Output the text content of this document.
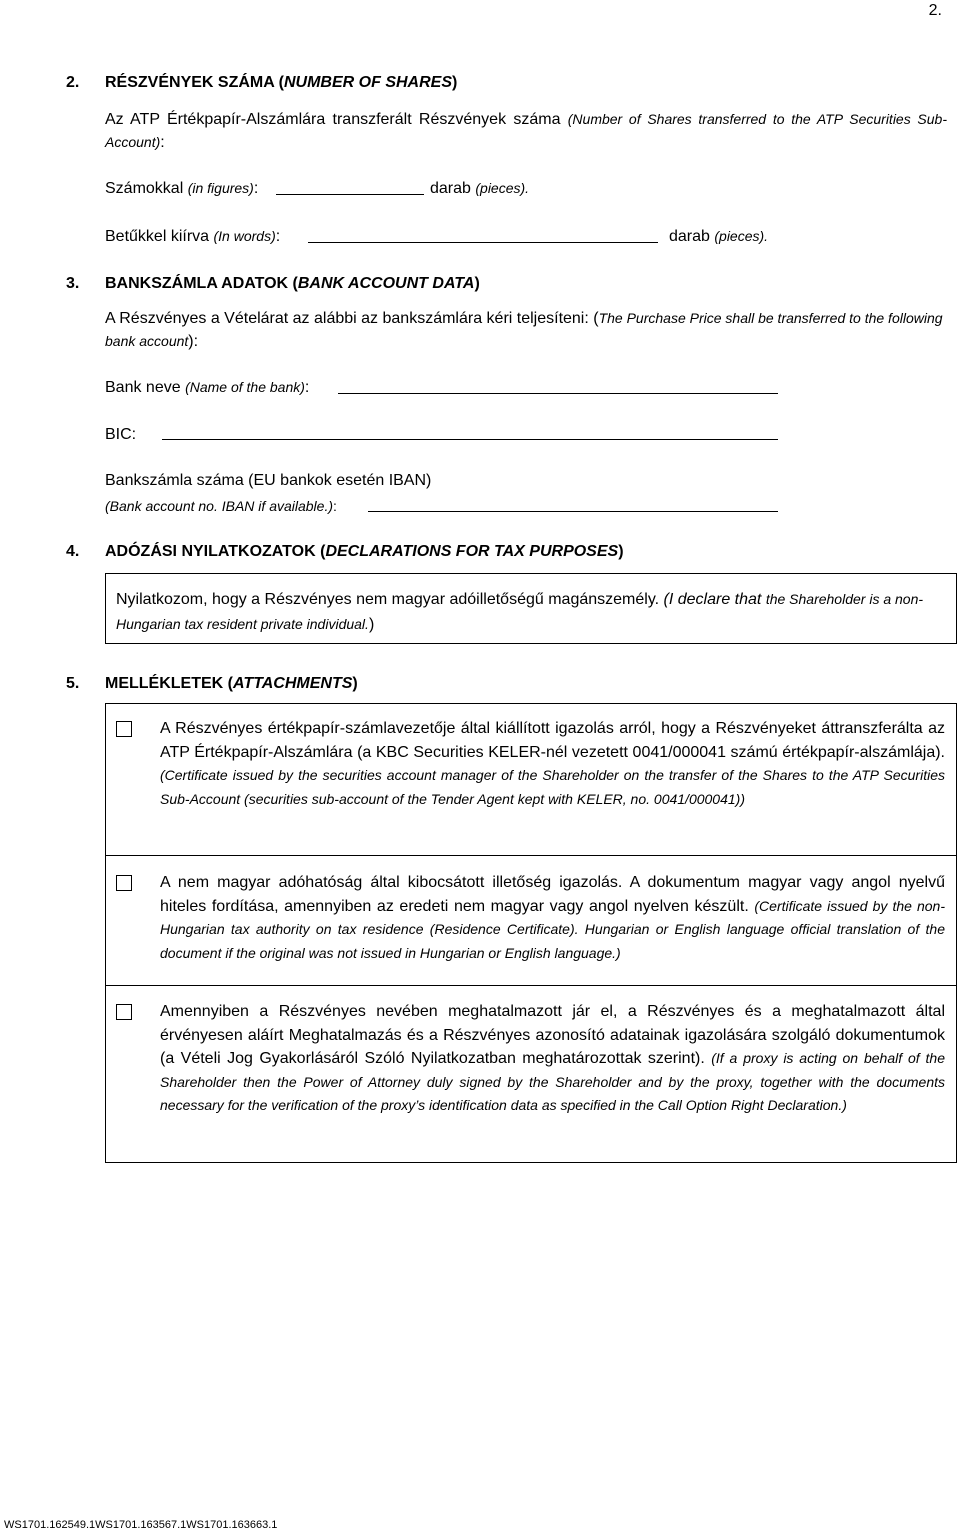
2.
2. RÉSZVÉNYEK SZÁMA (NUMBER OF SHARES)
Az ATP Értékpapír-Alszámlára transzferált Részvények száma (Number of Shares transferred to the ATP Securities Sub-Account):
Számokkal (in figures):	darab (pieces).
Betűkkel kiírva (In words):	darab (pieces).
3. BANKSZÁMLA ADATOK (BANK ACCOUNT DATA)
A Részvényes a Vételárat az alábbi az bankszámlára kéri teljesíteni: (The Purchase Price shall be transferred to the following bank account):
Bank neve (Name of the bank):
BIC:
Bankszámla száma (EU bankok esetén IBAN)
(Bank account no. IBAN if available.):
4. ADÓZÁSI NYILATKOZATOK (DECLARATIONS FOR TAX PURPOSES)
Nyilatkozom, hogy a Részvényes nem magyar adóilletőségű magánszemély. (I declare that the Shareholder is a non-Hungarian tax resident private individual.)
5. MELLÉKLETEK (ATTACHMENTS)
A Részvényes értékpapír-számlavezetője által kiállított igazolás arról, hogy a Részvényeket áttranszferálta az ATP Értékpapír-Alszámlára (a KBC Securities KELER-nél vezetett 0041/000041 számú értékpapír-alszámlája). (Certificate issued by the securities account manager of the Shareholder on the transfer of the Shares to the ATP Securities Sub-Account (securities sub-account of the Tender Agent kept with KELER, no. 0041/000041))
A nem magyar adóhatóság által kibocsátott illetőség igazolás. A dokumentum magyar vagy angol nyelvű hiteles fordítása, amennyiben az eredeti nem magyar vagy angol nyelven készült. (Certificate issued by the non-Hungarian tax authority on tax residence (Residence Certificate). Hungarian or English language official translation of the document if the original was not issued in Hungarian or English language.)
Amennyiben a Részvényes nevében meghatalmazott jár el, a Részvényes és a meghatalmazott által érvényesen aláírt Meghatalmazás és a Részvényes azonosító adatainak igazolására szolgáló dokumentumok (a Vételi Jog Gyakorlásáról Szóló Nyilatkozatban meghatározottak szerint). (If a proxy is acting on behalf of the Shareholder then the Power of Attorney duly signed by the Shareholder and by the proxy, together with the documents necessary for the verification of the proxy’s identification data as specified in the Call Option Right Declaration.)
WS1701.162549.1WS1701.163567.1WS1701.163663.1
